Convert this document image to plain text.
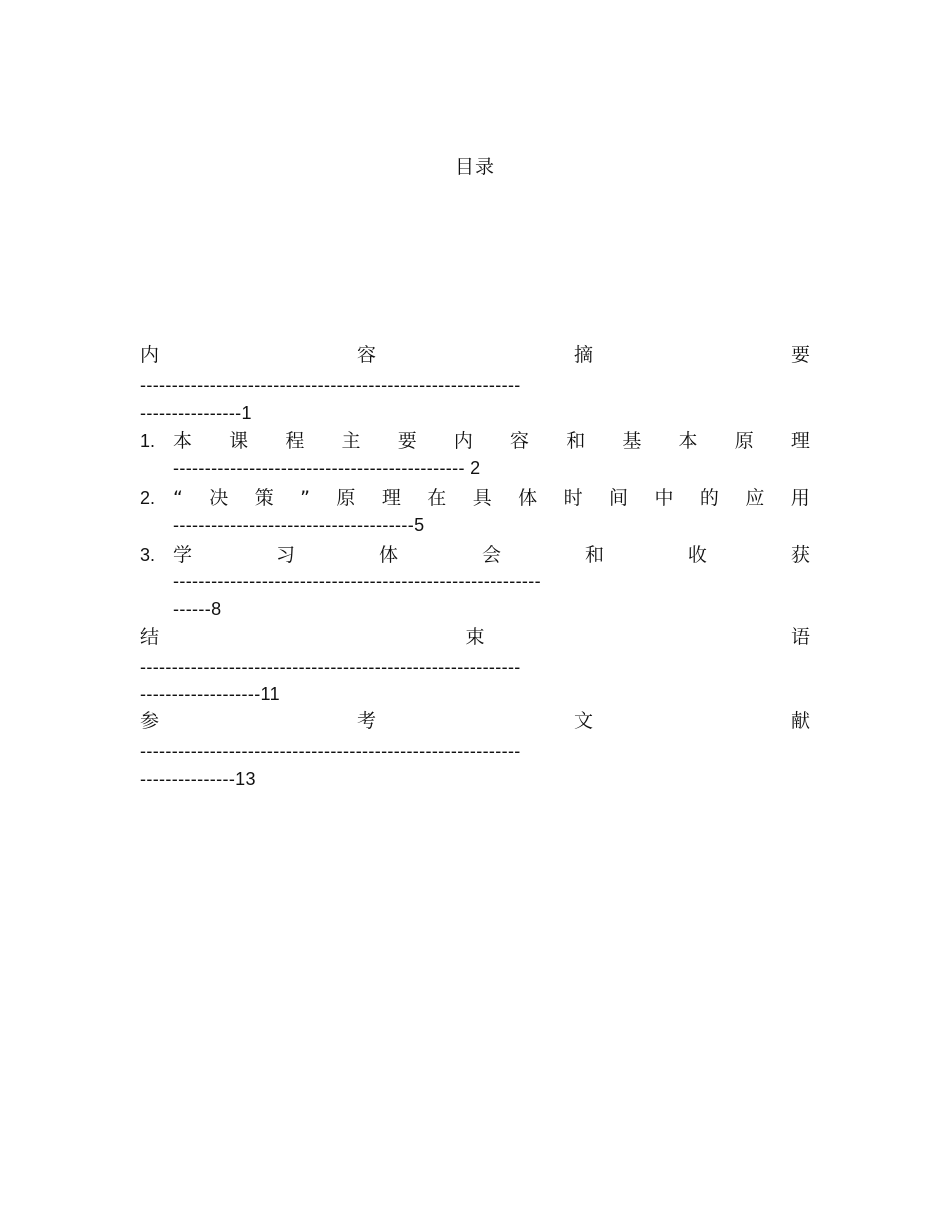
目录
内	容	摘	要
------------------------------------------------------------
----------------1
1. 本 课 程 主 要 内 容 和 基 本 原 理
---------------------------------------------- 2
2. “ 决 策 ” 原 理 在 具 体 时 间 中 的 应 用
--------------------------------------5
3. 学	习	体	会	和	收	获
----------------------------------------------------------
------8
结	束	语
------------------------------------------------------------
-------------------11
参	考	文	献
------------------------------------------------------------
---------------13
